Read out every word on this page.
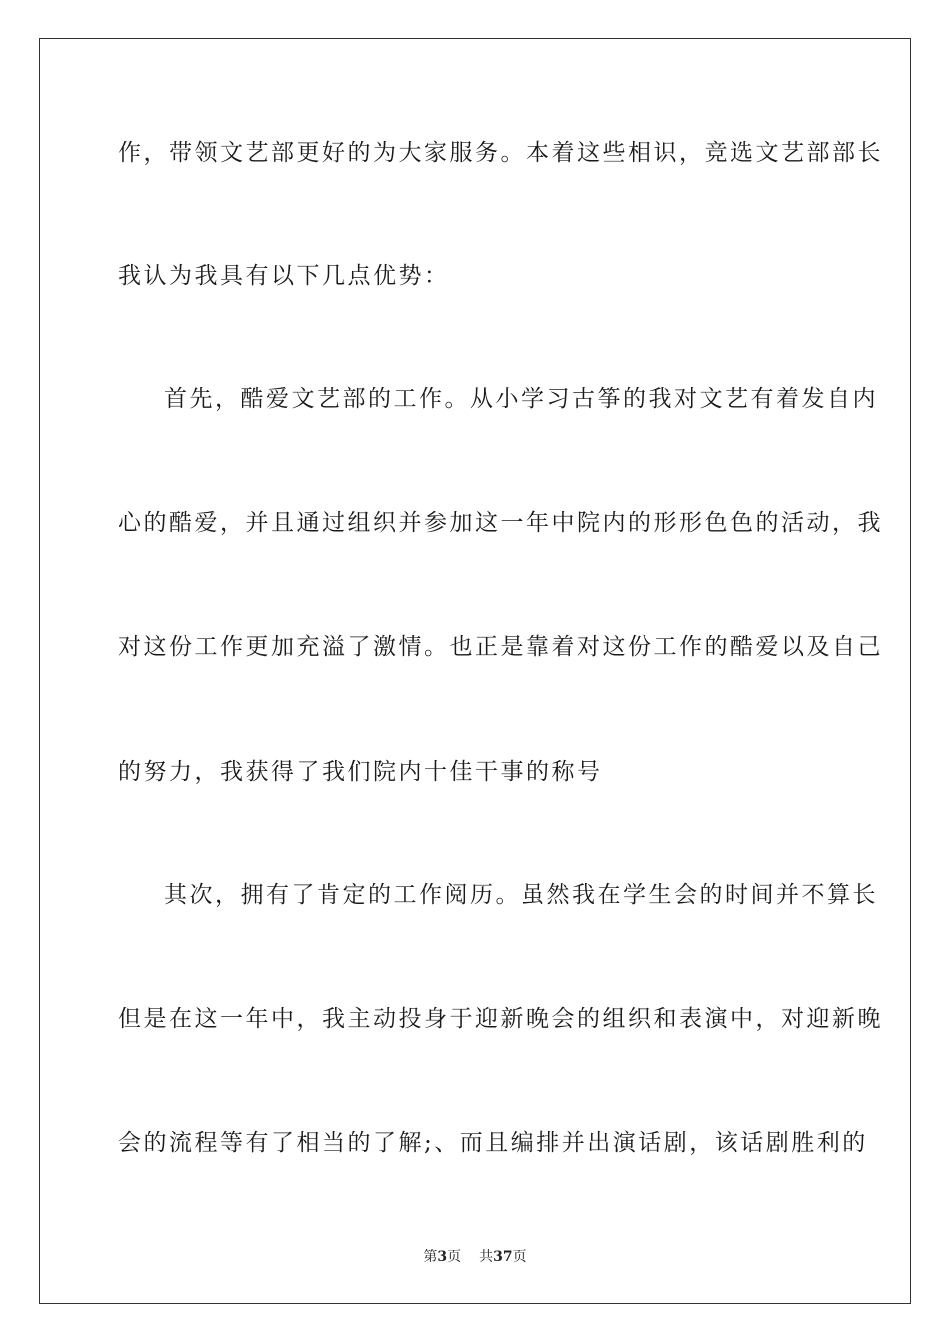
作，带领文艺部更好的为大家服务。本着这些相识，竞选文艺部部长
我认为我具有以下几点优势：
首先，酷爱文艺部的工作。从小学习古筝的我对文艺有着发自内
心的酷爱，并且通过组织并参加这一年中院内的形形色色的活动，我
对这份工作更加充溢了激情。也正是靠着对这份工作的酷爱以及自己
的努力，我获得了我们院内十佳干事的称号
其次，拥有了肯定的工作阅历。虽然我在学生会的时间并不算长
但是在这一年中，我主动投身于迎新晚会的组织和表演中，对迎新晚
会的流程等有了相当的了解;、而且编排并出演话剧，该话剧胜利的
第3页 共37页
